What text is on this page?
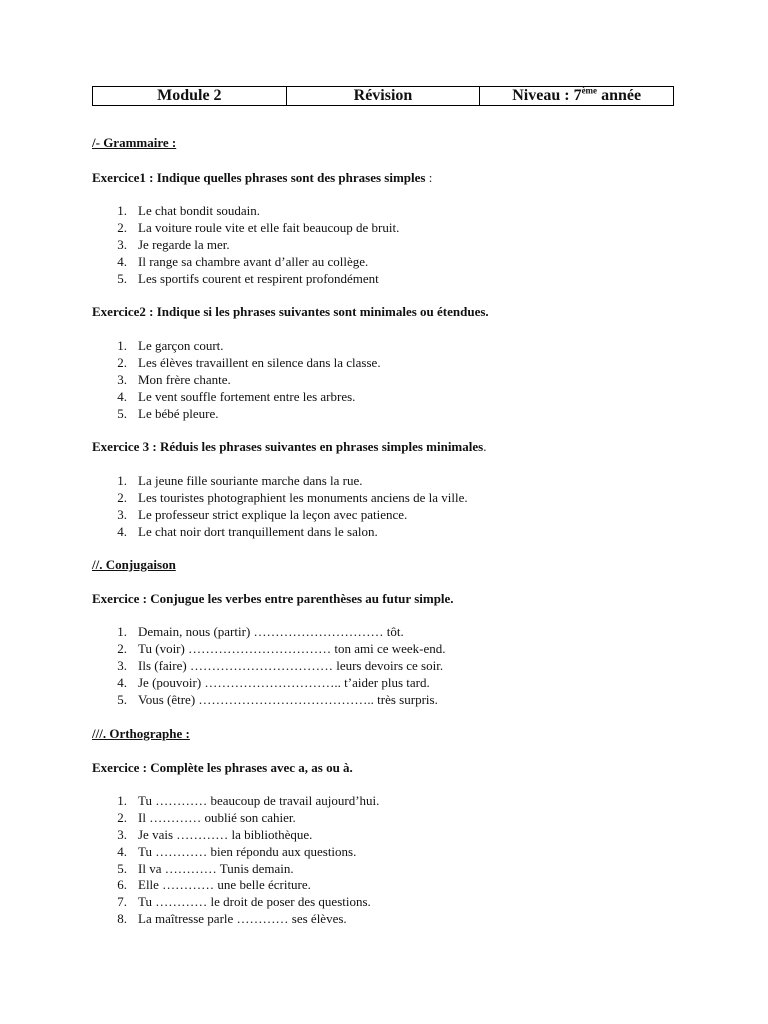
Module 2	Révision	Niveau : 7ème année
/- Grammaire :
Exercice1 : Indique quelles phrases sont des phrases simples :
1. Le chat bondit soudain.
2. La voiture roule vite et elle fait beaucoup de bruit.
3. Je regarde la mer.
4. Il range sa chambre avant d’aller au collège.
5. Les sportifs courent et respirent profondément
Exercice2 : Indique si les phrases suivantes sont minimales ou étendues.
1. Le garçon court.
2. Les élèves travaillent en silence dans la classe.
3. Mon frère chante.
4. Le vent souffle fortement entre les arbres.
5. Le bébé pleure.
Exercice 3 : Réduis les phrases suivantes en phrases simples minimales.
1. La jeune fille souriante marche dans la rue.
2. Les touristes photographient les monuments anciens de la ville.
3. Le professeur strict explique la leçon avec patience.
4. Le chat noir dort tranquillement dans le salon.
//. Conjugaison
Exercice : Conjugue les verbes entre parenthèses au futur simple.
1. Demain, nous (partir) ………………………… tôt.
2. Tu (voir) …………………………… ton ami ce week-end.
3. Ils (faire) …………………………… leurs devoirs ce soir.
4. Je (pouvoir) ………………………….. t’aider plus tard.
5. Vous (être) ………………………………….. très surpris.
///. Orthographe :
Exercice : Complète les phrases avec a, as ou à.
1. Tu ………… beaucoup de travail aujourd’hui.
2. Il ………… oublié son cahier.
3. Je vais ………… la bibliothèque.
4. Tu ………… bien répondu aux questions.
5. Il va ………… Tunis demain.
6. Elle ………… une belle écriture.
7. Tu ………… le droit de poser des questions.
8. La maîtresse parle ………… ses élèves.
